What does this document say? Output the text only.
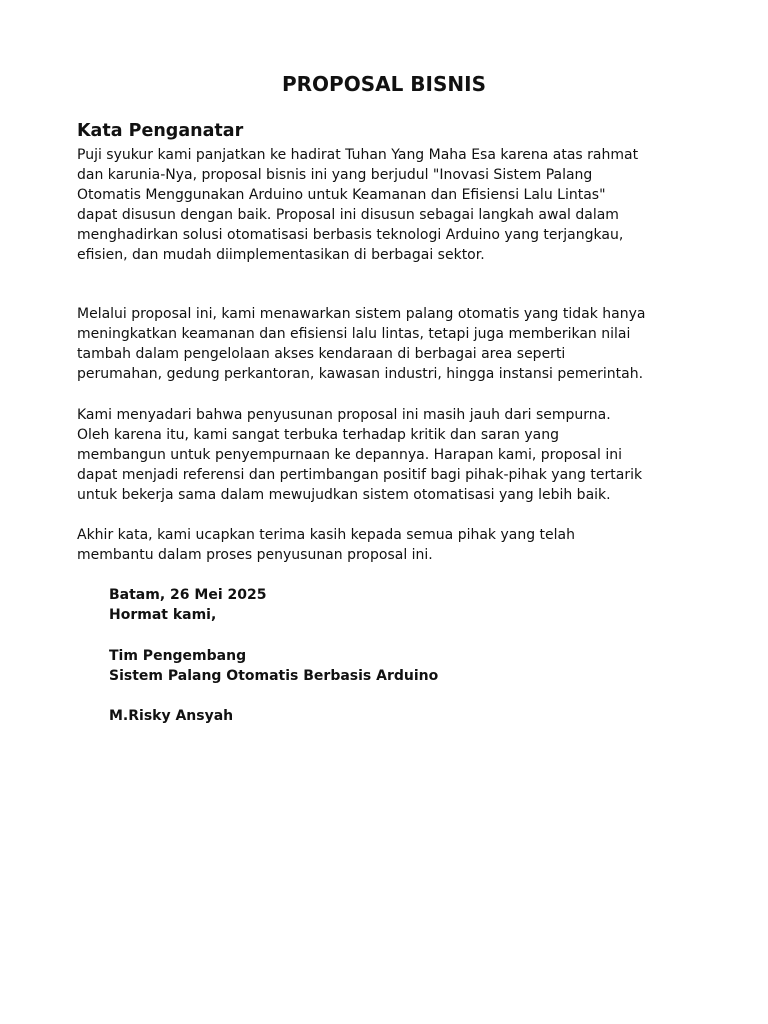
PROPOSAL BISNIS
Kata Penganatar

Puji syukur kami panjatkan ke hadirat Tuhan Yang Maha Esa karena atas rahmat
dan karunia-Nya, proposal bisnis ini yang berjudul "Inovasi Sistem Palang
Otomatis Menggunakan Arduino untuk Keamanan dan Efisiensi Lalu Lintas"
dapat disusun dengan baik. Proposal ini disusun sebagai langkah awal dalam
menghadirkan solusi otomatisasi berbasis teknologi Arduino yang terjangkau,
efisien, dan mudah diimplementasikan di berbagai sektor.

Melalui proposal ini, kami menawarkan sistem palang otomatis yang tidak hanya
meningkatkan keamanan dan efisiensi lalu lintas, tetapi juga memberikan nilai
tambah dalam pengelolaan akses kendaraan di berbagai area seperti
perumahan, gedung perkantoran, kawasan industri, hingga instansi pemerintah.

Kami menyadari bahwa penyusunan proposal ini masih jauh dari sempurna.
Oleh karena itu, kami sangat terbuka terhadap kritik dan saran yang
membangun untuk penyempurnaan ke depannya. Harapan kami, proposal ini
dapat menjadi referensi dan pertimbangan positif bagi pihak-pihak yang tertarik
untuk bekerja sama dalam mewujudkan sistem otomatisasi yang lebih baik.

Akhir kata, kami ucapkan terima kasih kepada semua pihak yang telah
membantu dalam proses penyusunan proposal ini.

Batam, 26 Mei 2025

Hormat kami,

Tim Pengembang

Sistem Palang Otomatis Berbasis Arduino

M.Risky Ansyah
